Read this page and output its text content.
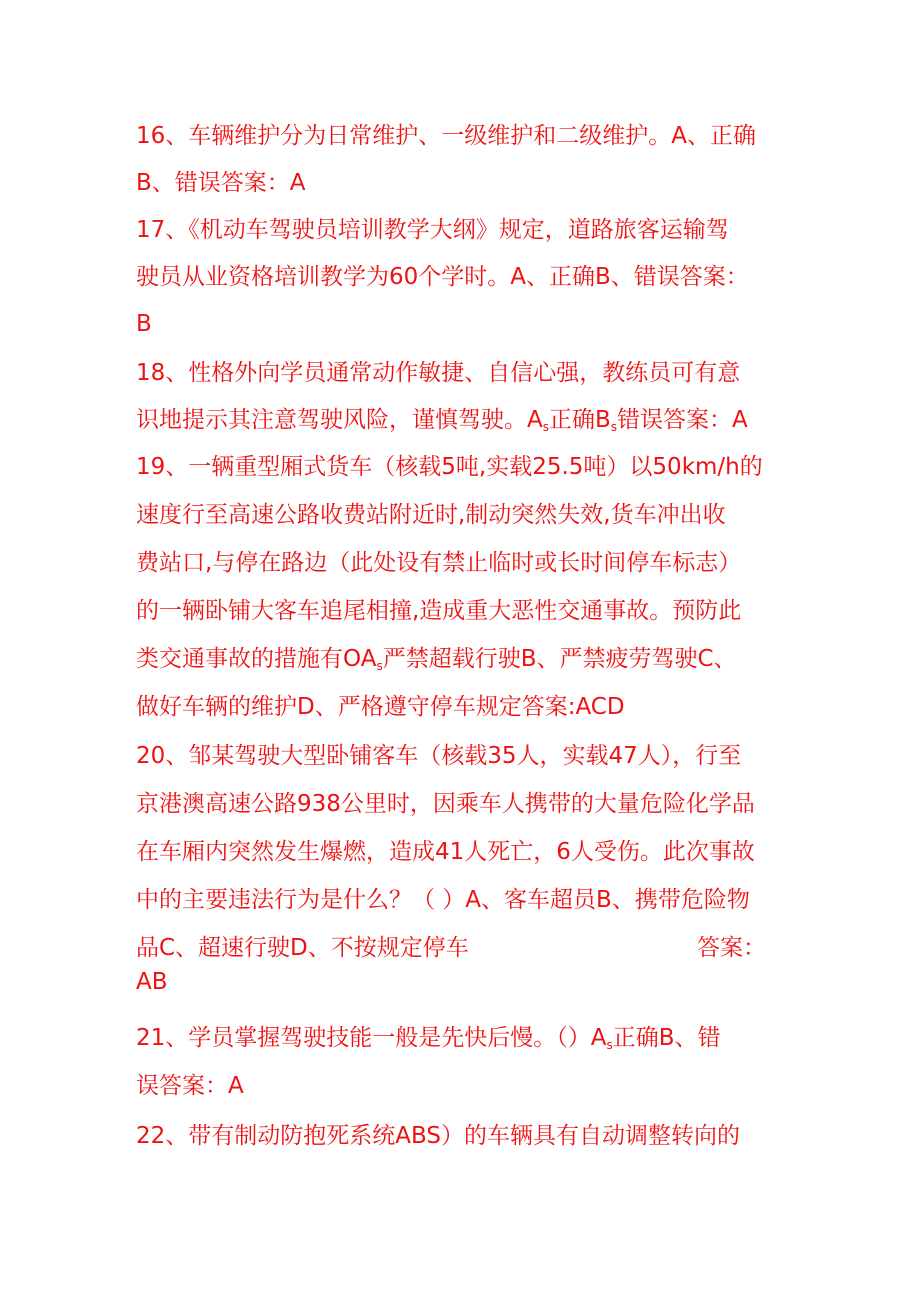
16、车辆维护分为日常维护、一级维护和二级维护。A、正确
B、错误答案：A
17、《机动车驾驶员培训教学大纲》规定，道路旅客运输驾
驶员从业资格培训教学为60个学时。A、正确B、错误答案：
B
18、性格外向学员通常动作敏捷、自信心强，教练员可有意
识地提示其注意驾驶风险，谨慎驾驶。$A_s$正确$B_s$错误答案：A
19、一辆重型厢式货车（核载5吨,实载25.5吨）以50km/h的
速度行至高速公路收费站附近时,制动突然失效,货车冲出收
费站口,与停在路边（此处设有禁止临时或长时间停车标志）
的一辆卧铺大客车追尾相撞,造成重大恶性交通事故。预防此
类交通事故的措施有$OA_s$严禁超载行驶B、严禁疲劳驾驶C、
做好车辆的维护D、严格遵守停车规定答案:ACD
20、邹某驾驶大型卧铺客车（核载35人，实载47人），行至
京港澳高速公路938公里时，因乘车人携带的大量危险化学品
在车厢内突然发生爆燃，造成41人死亡，6人受伤。此次事故
中的主要违法行为是什么？（ ）A、客车超员B、携带危险物
品C、超速行驶D、不按规定停车	答案：
AB
21、学员掌握驾驶技能一般是先快后慢。$()A_s$正确B、错
误答案：A
22、带有制动防抱死系统ABS）的车辆具有自动调整转向的
